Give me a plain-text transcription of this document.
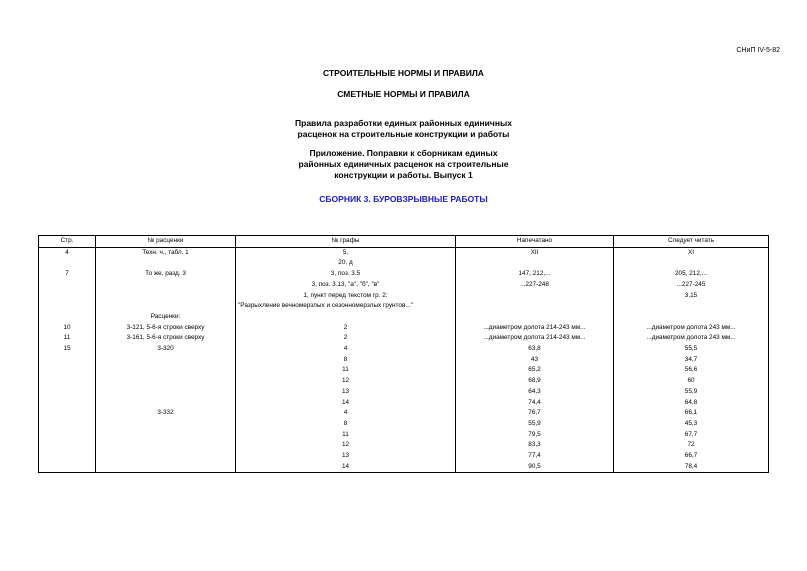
СНиП IV-5-82
СТРОИТЕЛЬНЫЕ НОРМЫ И ПРАВИЛА
СМЕТНЫЕ НОРМЫ И ПРАВИЛА
Правила разработки единых районных единичных
расценок на строительные конструкции и работы
Приложение. Поправки к сборникам единых
районных единичных расценок на строительные
конструкции и работы. Выпуск 1
СБОРНИК 3. БУРОВЗРЫВНЫЕ РАБОТЫ
Стр.	№ расценки	№ графы	Напечатано	Следует читать
4	Техн. ч., табл. 1	5,	XII	XI
		20, д		
7	То же, разд. 3	3, поз. 3.5	147, 212,...	205, 212,...
		3, поз. 3.13, "а", "б", "в"	...227-248	...227-245
		1, пункт перед текстом гр. 2:		3,15
		"Разрыхление вечномерзлых и сезонномерзлых грунтов..."		
	Расценки:			
10	3-121, 5-6-я строки сверху	2	...диаметром долота 214-243 мм...	...диаметром долота 243 мм...
11	3-161, 5-6-я строки сверху	2	...диаметром долота 214-243 мм...	...диаметром долота 243 мм...
15	3-320	4	63,8	55,5
		8	43	34,7
		11	65,2	56,6
		12	68,9	60
		13	64,3	55,9
		14	74,4	64,8
	3-332	4	76,7	66,1
		8	55,9	45,3
		11	79,5	67,7
		12	83,3	72
		13	77,4	66,7
		14	90,5	78,4
